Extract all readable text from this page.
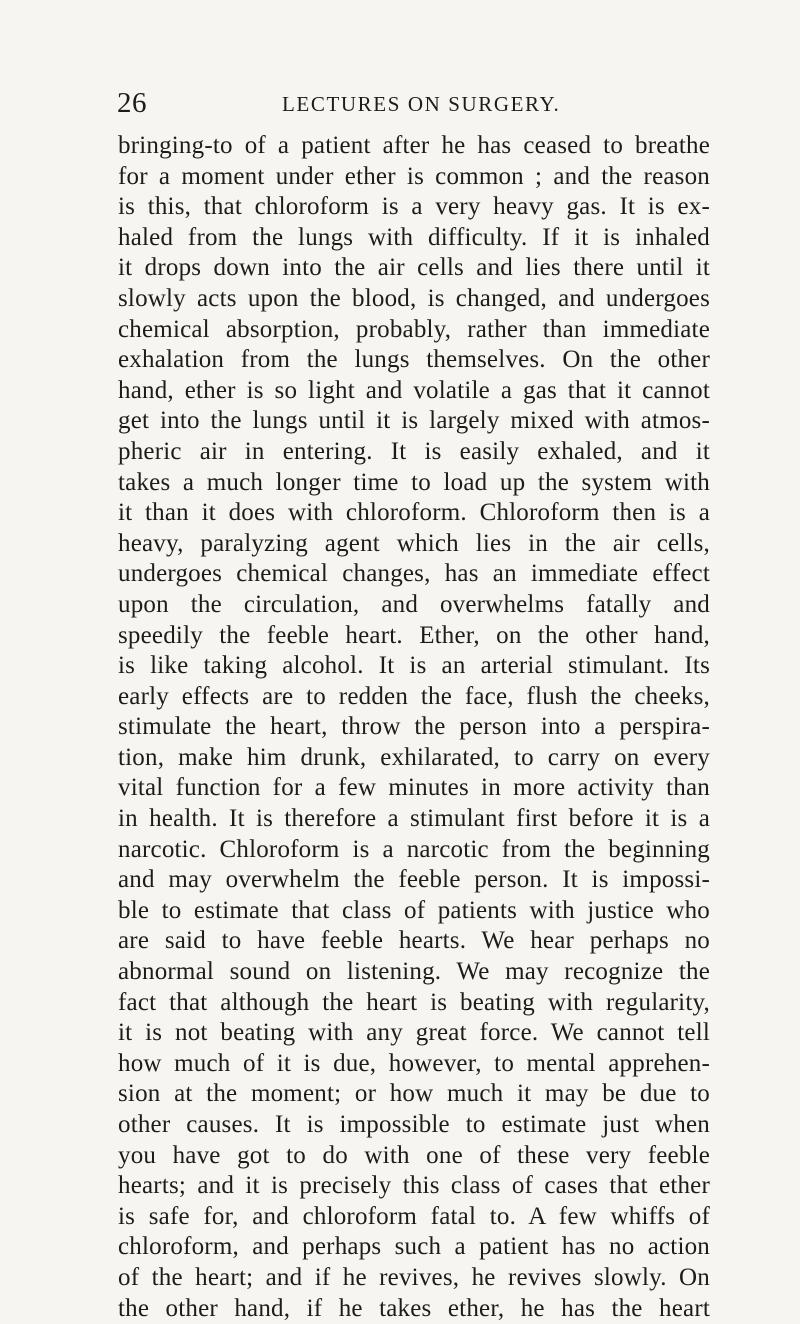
26	LECTURES ON SURGERY.
bringing-to of a patient after he has ceased to breathe
for a moment under ether is common ; and the reason
is this, that chloroform is a very heavy gas. It is ex-
haled from the lungs with difficulty. If it is inhaled
it drops down into the air cells and lies there until it
slowly acts upon the blood, is changed, and undergoes
chemical absorption, probably, rather than immediate
exhalation from the lungs themselves. On the other
hand, ether is so light and volatile a gas that it cannot
get into the lungs until it is largely mixed with atmos-
pheric air in entering. It is easily exhaled, and it
takes a much longer time to load up the system with
it than it does with chloroform. Chloroform then is a
heavy, paralyzing agent which lies in the air cells,
undergoes chemical changes, has an immediate effect
upon the circulation, and overwhelms fatally and
speedily the feeble heart. Ether, on the other hand,
is like taking alcohol. It is an arterial stimulant. Its
early effects are to redden the face, flush the cheeks,
stimulate the heart, throw the person into a perspira-
tion, make him drunk, exhilarated, to carry on every
vital function for a few minutes in more activity than
in health. It is therefore a stimulant first before it is a
narcotic. Chloroform is a narcotic from the beginning
and may overwhelm the feeble person. It is impossi-
ble to estimate that class of patients with justice who
are said to have feeble hearts. We hear perhaps no
abnormal sound on listening. We may recognize the
fact that although the heart is beating with regularity,
it is not beating with any great force. We cannot tell
how much of it is due, however, to mental apprehen-
sion at the moment; or how much it may be due to
other causes. It is impossible to estimate just when
you have got to do with one of these very feeble
hearts; and it is precisely this class of cases that ether
is safe for, and chloroform fatal to. A few whiffs of
chloroform, and perhaps such a patient has no action
of the heart; and if he revives, he revives slowly. On
the other hand, if he takes ether, he has the heart
